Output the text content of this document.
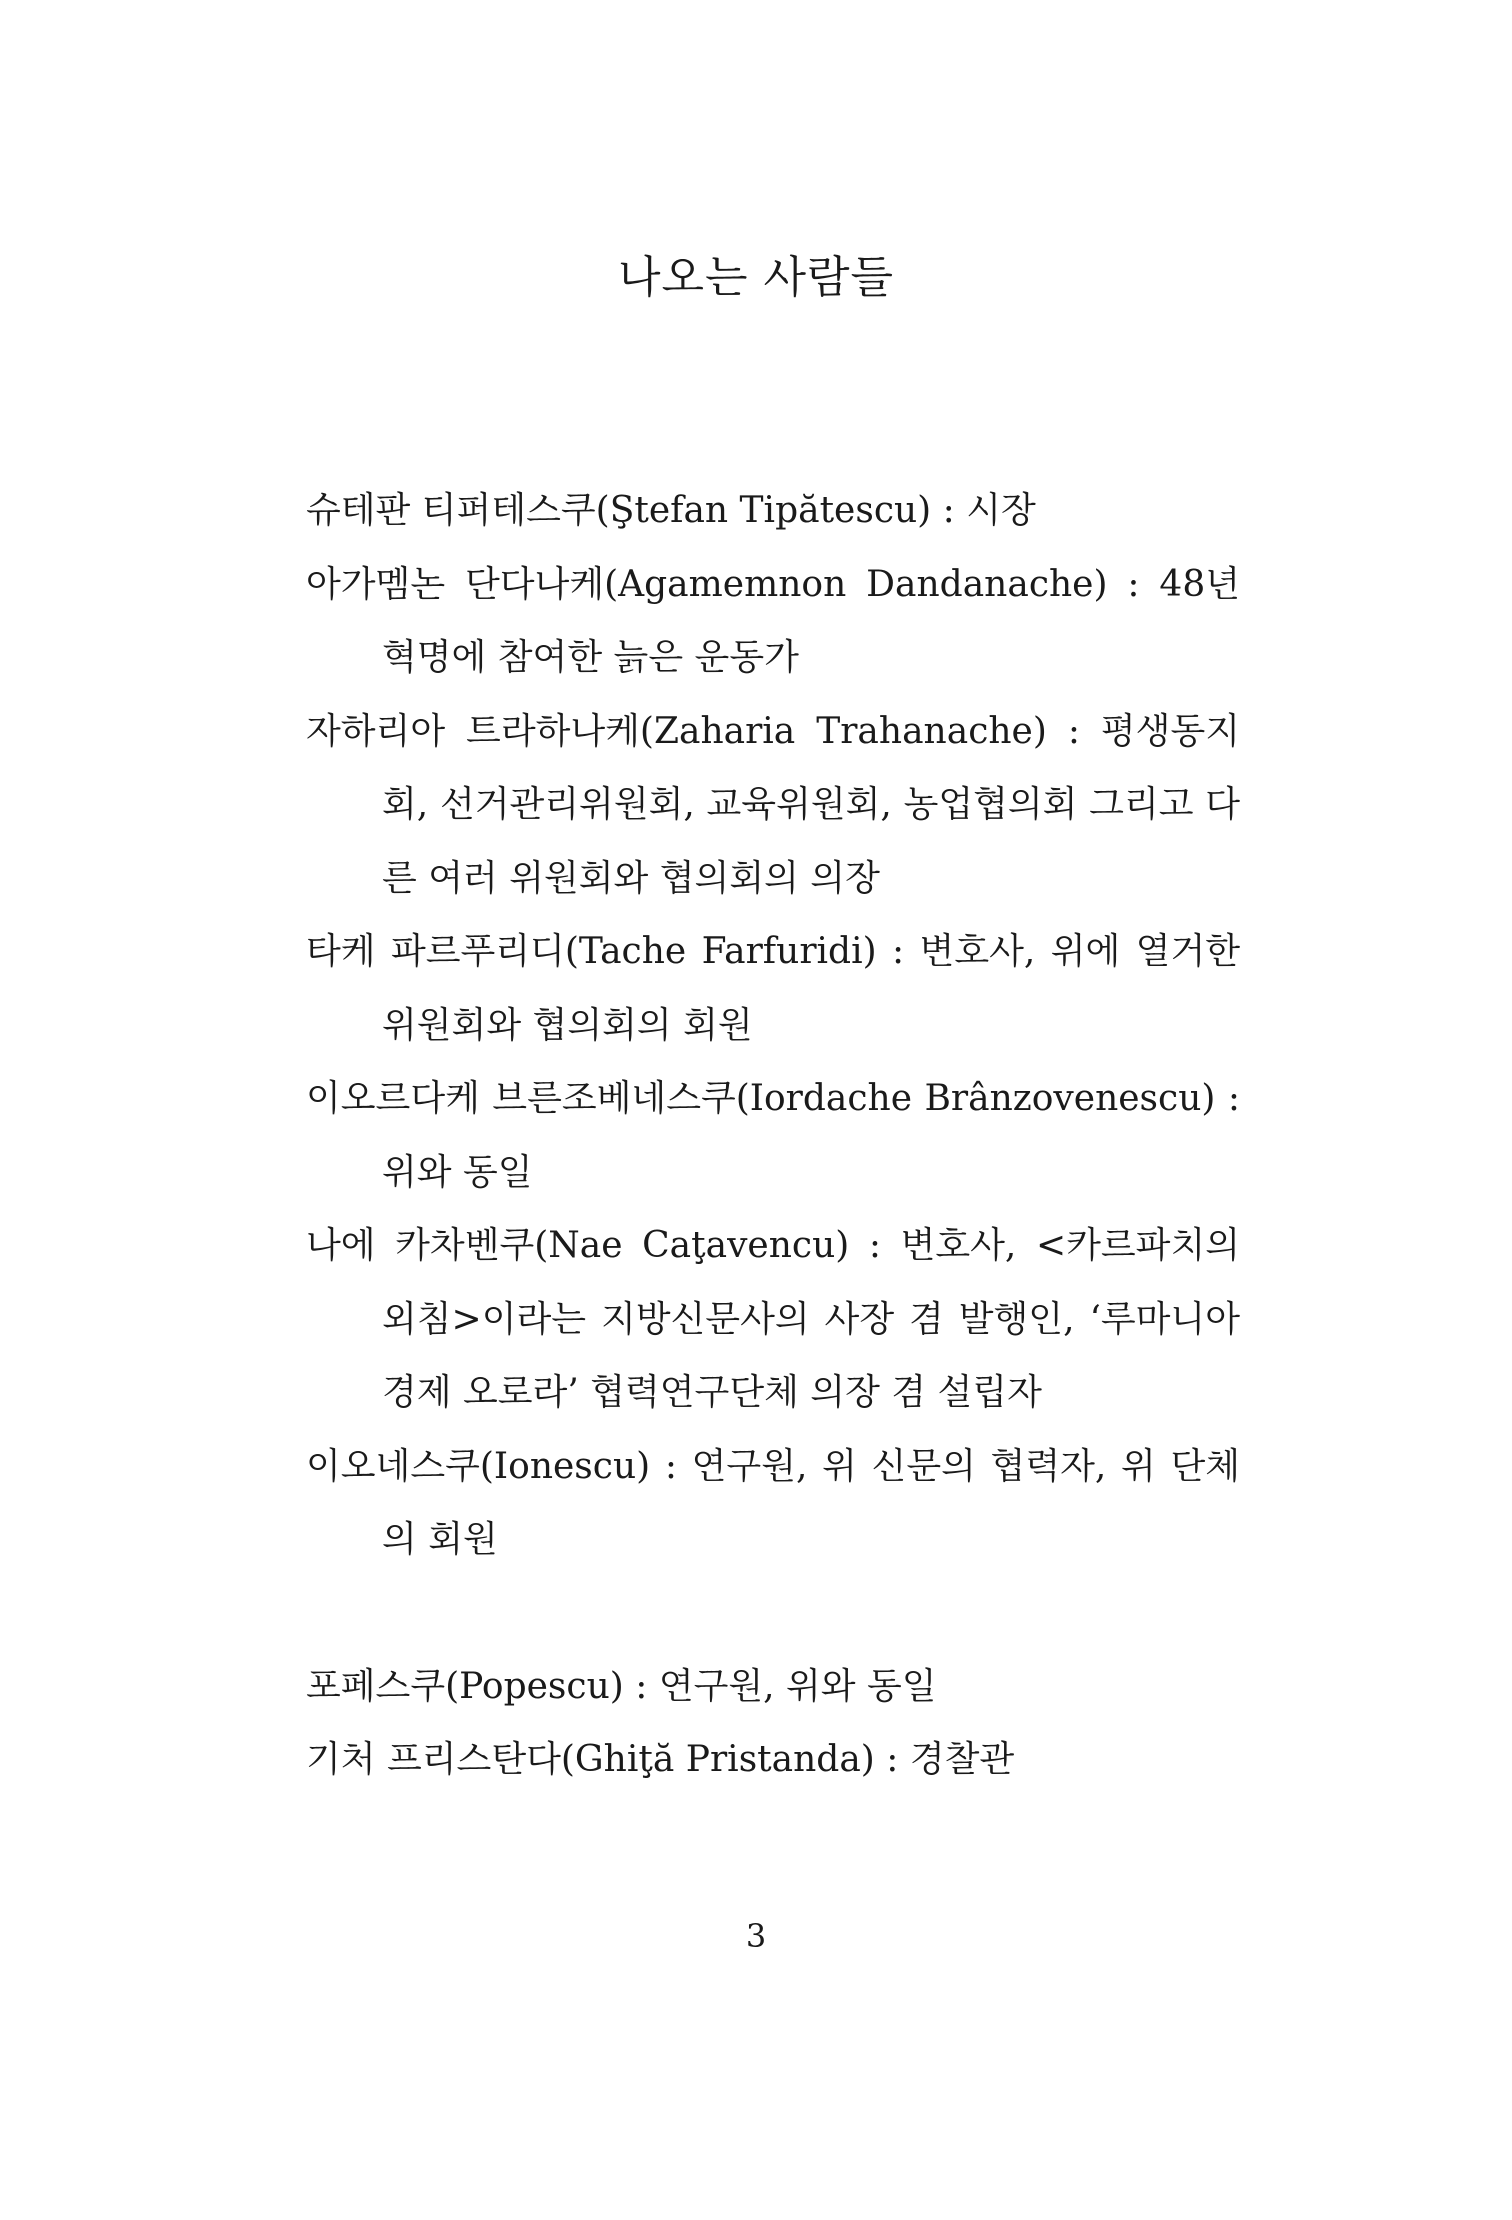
나오는 사람들

슈테판 티퍼테스쿠(Ştefan Tipătescu) : 시장

아가멤논 단다나케(Agamemnon Dandanache) : 48년 혁명에 참여한 늙은 운동가

자하리아 트라하나케(Zaharia Trahanache) : 평생동지회, 선거관리위원회, 교육위원회, 농업협의회 그리고 다른 여러 위원회와 협의회의 의장

타케 파르푸리디(Tache Farfuridi) : 변호사, 위에 열거한 위원회와 협의회의 회원

이오르다케 브른조베네스쿠(Iordache Brânzovenescu) : 위와 동일

나에 카차벤쿠(Nae Caţavencu) : 변호사, <카르파치의 외침>이라는 지방신문사의 사장 겸 발행인, ‘루마니아 경제 오로라’ 협력연구단체 의장 겸 설립자

이오네스쿠(Ionescu) : 연구원, 위 신문의 협력자, 위 단체의 회원

포페스쿠(Popescu) : 연구원, 위와 동일

기처 프리스탄다(Ghiţă Pristanda) : 경찰관

3
